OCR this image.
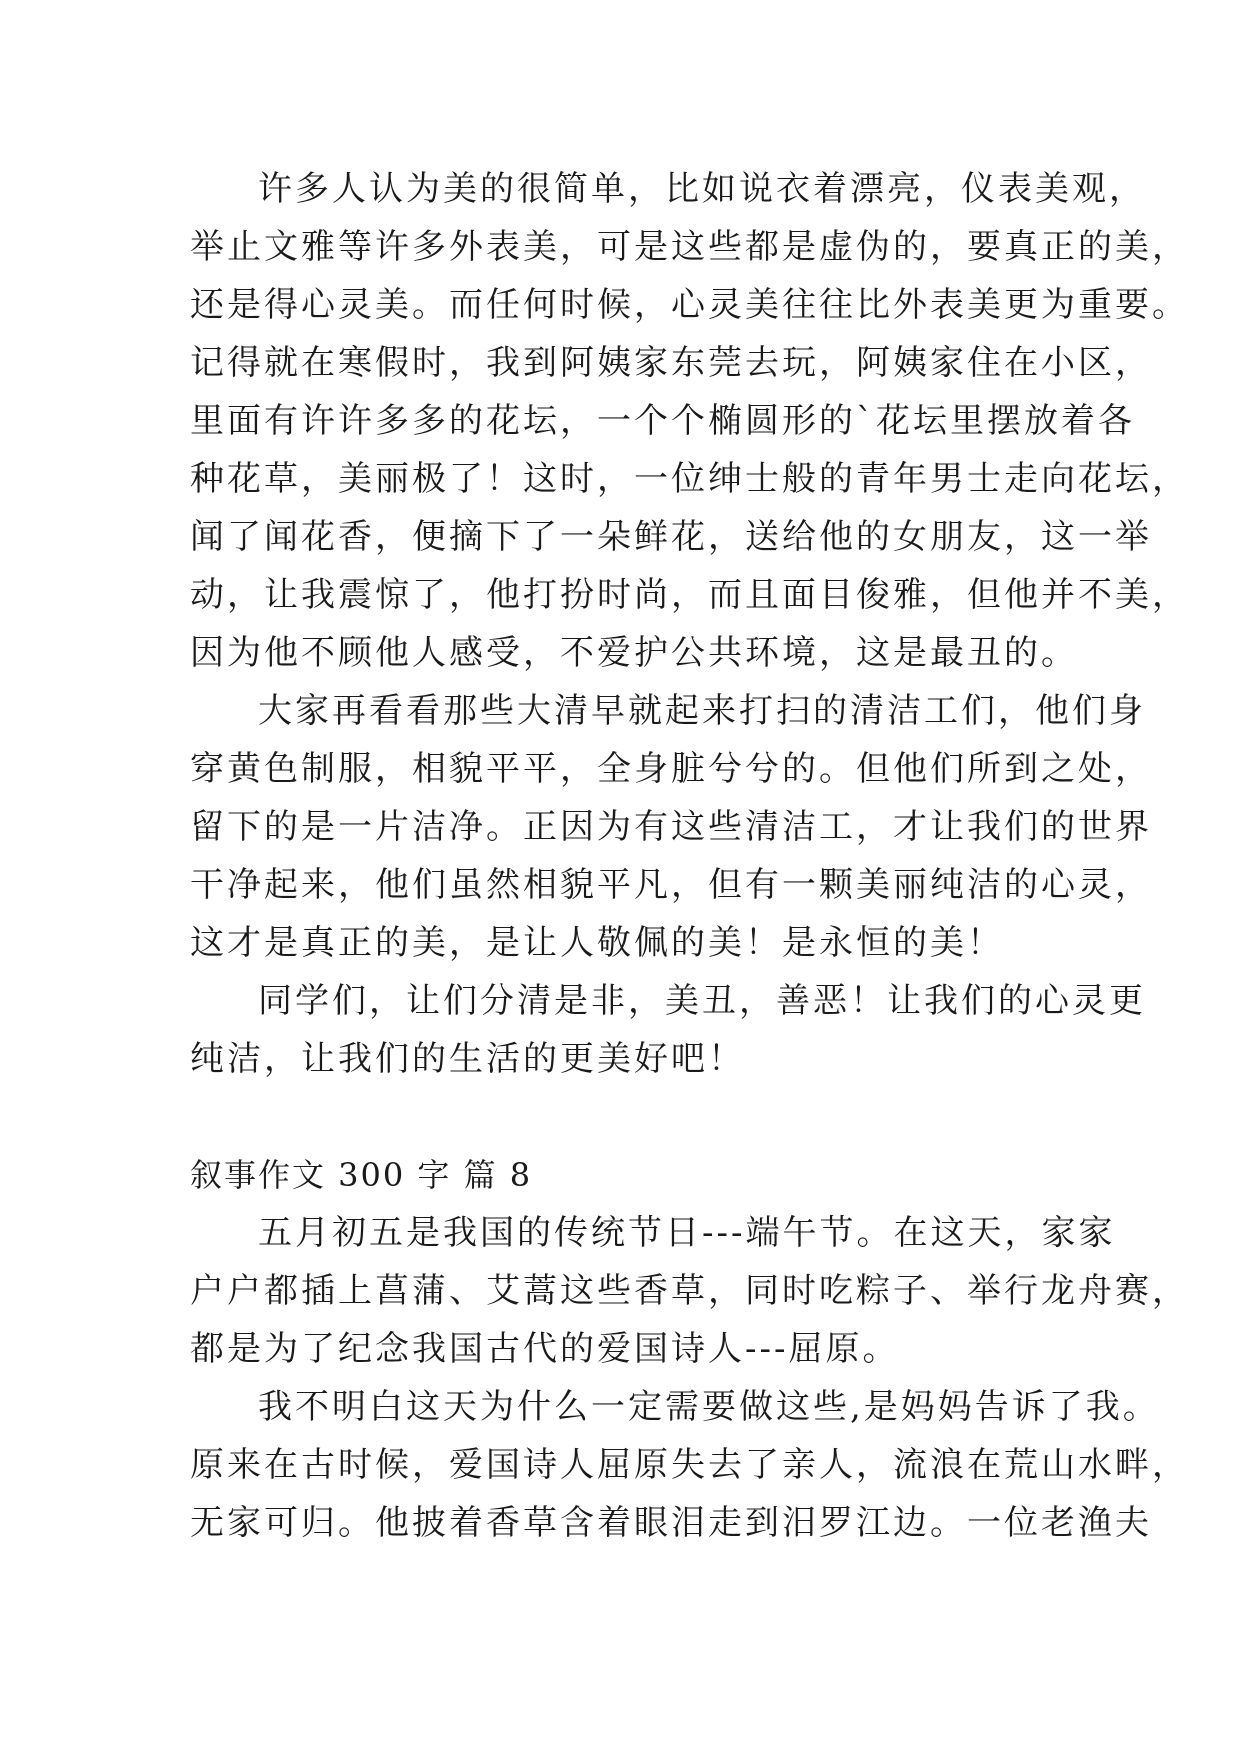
许多人认为美的很简单，比如说衣着漂亮，仪表美观，
举止文雅等许多外表美，可是这些都是虚伪的，要真正的美，
还是得心灵美。而任何时候，心灵美往往比外表美更为重要。
记得就在寒假时，我到阿姨家东莞去玩，阿姨家住在小区，
里面有许许多多的花坛，一个个椭圆形的`花坛里摆放着各
种花草，美丽极了！这时，一位绅士般的青年男士走向花坛，
闻了闻花香，便摘下了一朵鲜花，送给他的女朋友，这一举
动，让我震惊了，他打扮时尚，而且面目俊雅，但他并不美，
因为他不顾他人感受，不爱护公共环境，这是最丑的。
大家再看看那些大清早就起来打扫的清洁工们，他们身
穿黄色制服，相貌平平，全身脏兮兮的。但他们所到之处，
留下的是一片洁净。正因为有这些清洁工，才让我们的世界
干净起来，他们虽然相貌平凡，但有一颗美丽纯洁的心灵，
这才是真正的美，是让人敬佩的美！是永恒的美！
同学们，让们分清是非，美丑，善恶！让我们的心灵更
纯洁，让我们的生活的更美好吧！
叙事作文 300 字 篇 8
五月初五是我国的传统节日---端午节。在这天，家家
户户都插上菖蒲、艾蒿这些香草，同时吃粽子、举行龙舟赛，
都是为了纪念我国古代的爱国诗人---屈原。
我不明白这天为什么一定需要做这些,是妈妈告诉了我。
原来在古时候，爱国诗人屈原失去了亲人，流浪在荒山水畔，
无家可归。他披着香草含着眼泪走到汨罗江边。一位老渔夫
